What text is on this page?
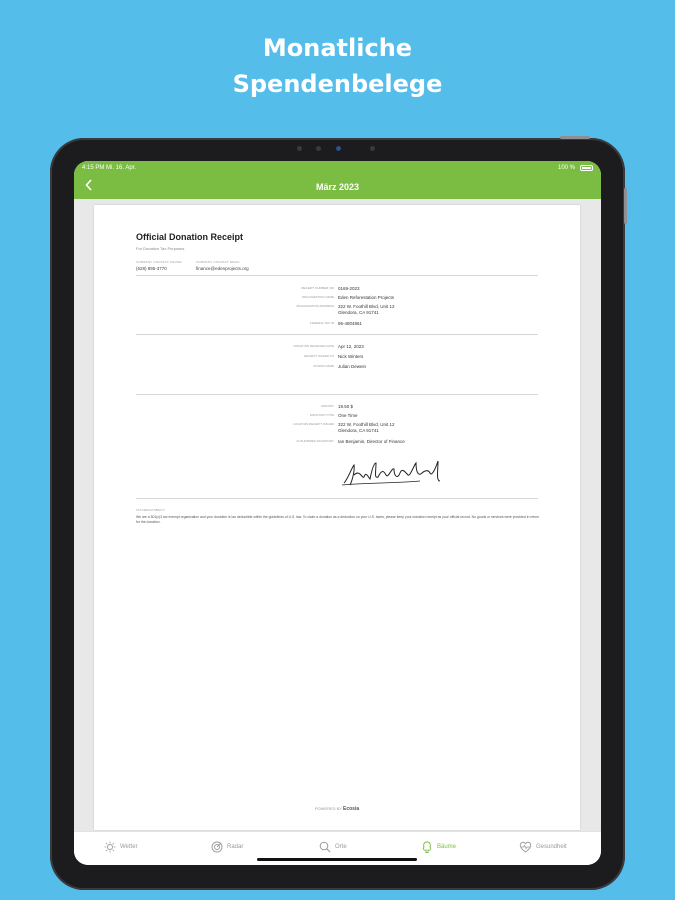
Monatliche
Spendenbelege
4:15 PM Mi. 16. Apr.	100 %
März 2023
Official Donation Receipt
For Donation Tax Purposes
COMPANY CONTACT PHONE
(628) 895-3770
COMPANY CONTACT EMAIL
finance@edenprojects.org
RECEIPT NUMBER (ID) 0169-2023
ORGANIZATION NAME Eden Reforestation Projects
ORGANIZATION ADDRESS 322 W. Foothill Blvd, Unit 12
Glendora, CA 91741
FEDERAL TAX ID 95-4804861
DONATION RECEIVED DATE Apr 12, 2023
RECEIPT ISSUED TO Nick Winters
DONOR NAME Julian Dewein
AMOUNT 19.50 $
DONATION TYPE One Time
LOCATION RECEIPT ISSUED 322 W. Foothill Blvd, Unit 12
Glendora, CA 91741
AUTHORIZED SIGNATORY Ian Benjamin, Director of Finance
TAX DEDUCTIBILITY
We are a 501(c)3 tax exempt organization and your donation is tax deductible within the guidelines of U.S. law. To claim a donation as a deduction on your U.S. taxes, please keep your donation receipt as your official record. No goods or services were provided in return for the donation.
POWERED BY Ecosia
Wetter	Radar	Orte	Bäume	Gesundheit
